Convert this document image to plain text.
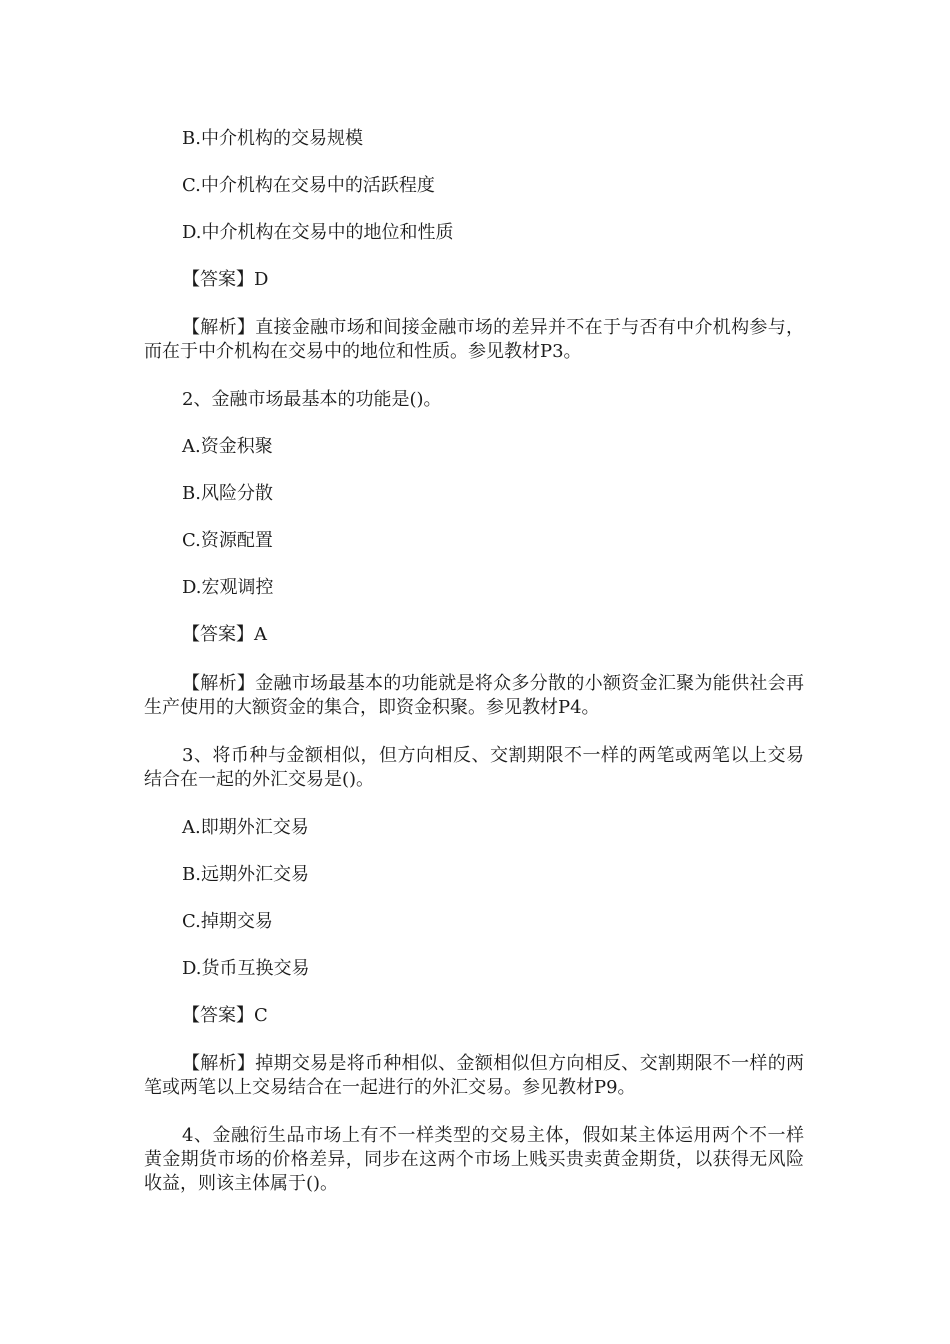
B.中介机构的交易规模
C.中介机构在交易中的活跃程度
D.中介机构在交易中的地位和性质
【答案】D
【解析】直接金融市场和间接金融市场的差异并不在于与否有中介机构参与，而在于中介机构在交易中的地位和性质。参见教材P3。
2、金融市场最基本的功能是()。
A.资金积聚
B.风险分散
C.资源配置
D.宏观调控
【答案】A
【解析】金融市场最基本的功能就是将众多分散的小额资金汇聚为能供社会再生产使用的大额资金的集合，即资金积聚。参见教材P4。
3、将币种与金额相似，但方向相反、交割期限不一样的两笔或两笔以上交易结合在一起的外汇交易是()。
A.即期外汇交易
B.远期外汇交易
C.掉期交易
D.货币互换交易
【答案】C
【解析】掉期交易是将币种相似、金额相似但方向相反、交割期限不一样的两笔或两笔以上交易结合在一起进行的外汇交易。参见教材P9。
4、金融衍生品市场上有不一样类型的交易主体，假如某主体运用两个不一样黄金期货市场的价格差异，同步在这两个市场上贱买贵卖黄金期货，以获得无风险收益，则该主体属于()。
